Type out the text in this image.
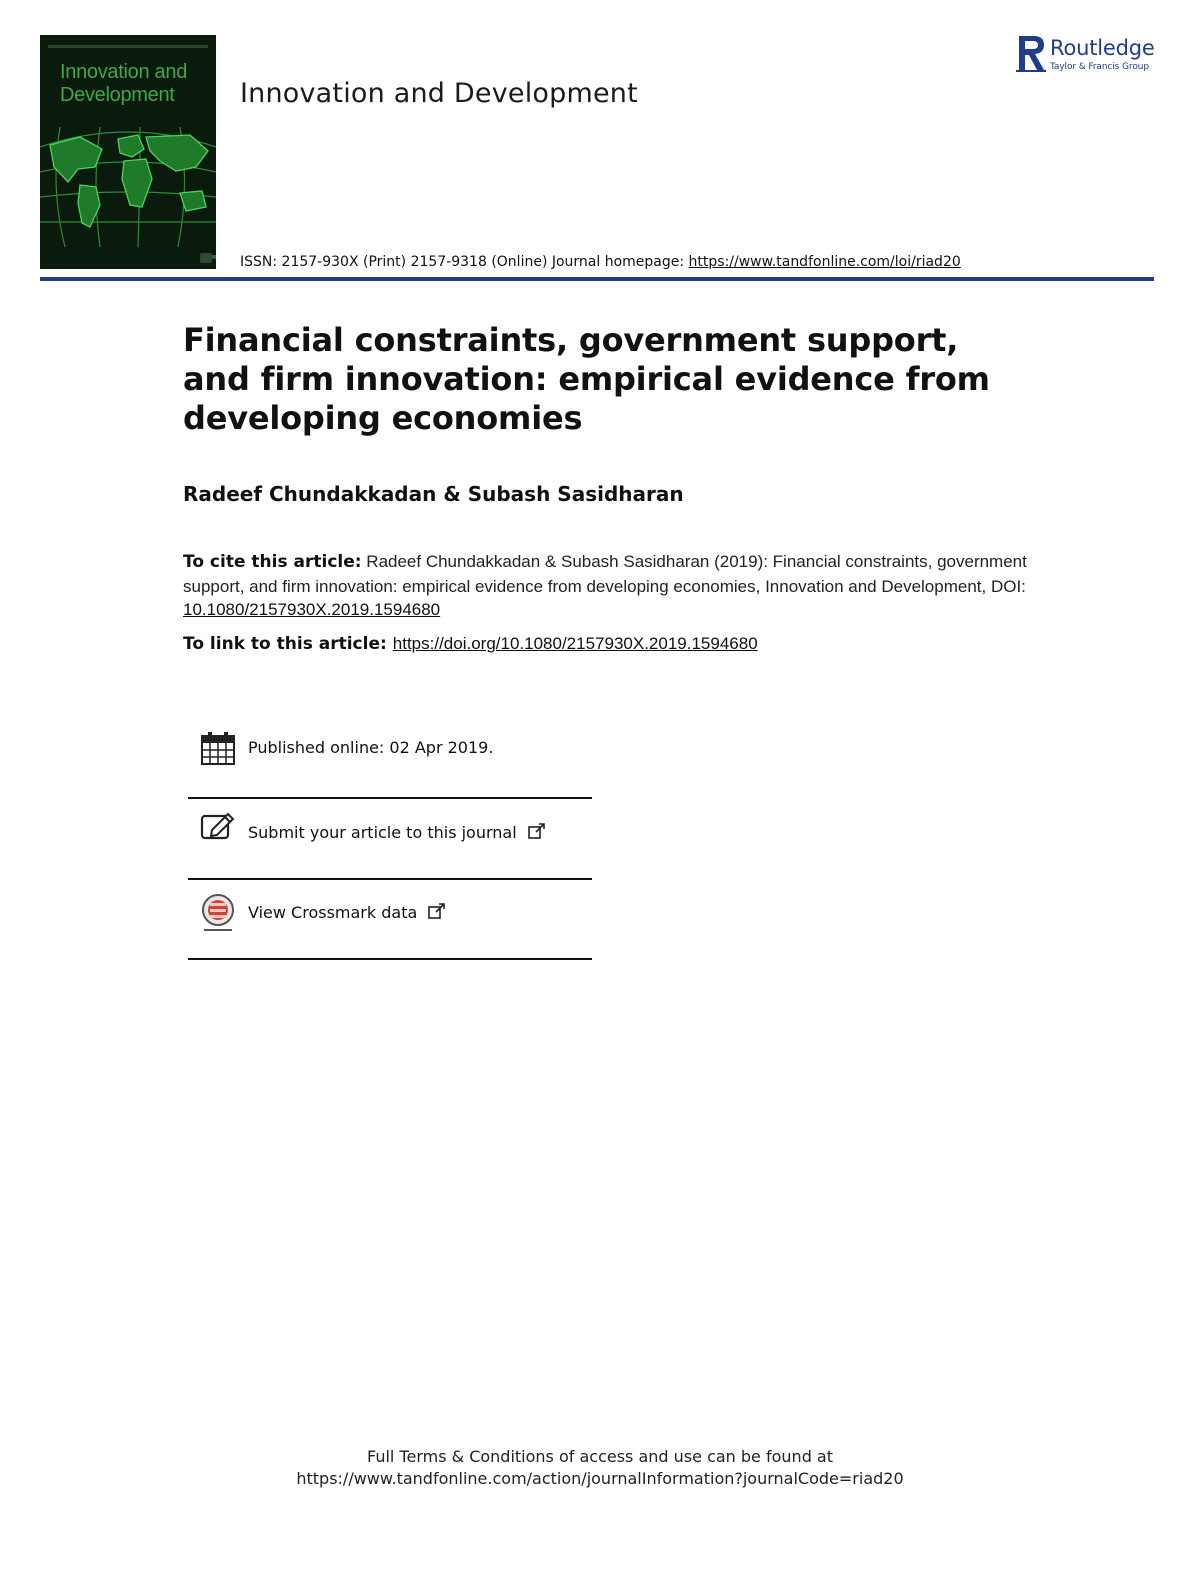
Innovation and Development	Innovation and Development
ISSN: 2157-930X (Print) 2157-9318 (Online) Journal homepage: https://www.tandfonline.com/loi/riad20
Routledge
Taylor & Francis Group
Financial constraints, government support, and firm innovation: empirical evidence from developing economies
Radeef Chundakkadan & Subash Sasidharan
To cite this article: Radeef Chundakkadan & Subash Sasidharan (2019): Financial constraints, government support, and firm innovation: empirical evidence from developing economies, Innovation and Development, DOI: 10.1080/2157930X.2019.1594680
To link to this article: https://doi.org/10.1080/2157930X.2019.1594680
Published online: 02 Apr 2019.
Submit your article to this journal
View Crossmark data
Full Terms & Conditions of access and use can be found at
https://www.tandfonline.com/action/journalInformation?journalCode=riad20
